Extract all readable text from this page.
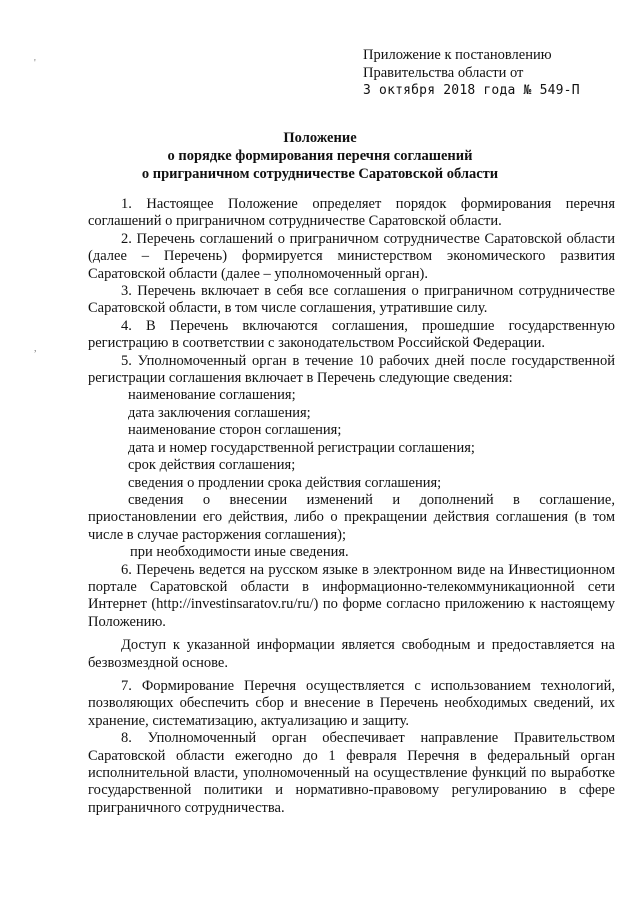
'
,
Приложение к постановлению
Правительства области от
3 октября 2018 года № 549-П
Положение
о порядке формирования перечня соглашений
о приграничном сотрудничестве Саратовской области

1. Настоящее Положение определяет порядок формирования перечня соглашений о приграничном сотрудничестве Саратовской области.

2. Перечень соглашений о приграничном сотрудничестве Саратовской области (далее – Перечень) формируется министерством экономического развития Саратовской области (далее – уполномоченный орган).

3. Перечень включает в себя все соглашения о приграничном сотрудничестве Саратовской области, в том числе соглашения, утратившие силу.

4. В Перечень включаются соглашения, прошедшие государственную регистрацию в соответствии с законодательством Российской Федерации.

5. Уполномоченный орган в течение 10 рабочих дней после государственной регистрации соглашения включает в Перечень следующие сведения:

наименование соглашения;

дата заключения соглашения;

наименование сторон соглашения;

дата и номер государственной регистрации соглашения;

срок действия соглашения;

сведения о продлении срока действия соглашения;

сведения о внесении изменений и дополнений в соглашение, приостановлении его действия, либо о прекращении действия соглашения (в том числе в случае расторжения соглашения);

при необходимости иные сведения.

6. Перечень ведется на русском языке в электронном виде на Инвестиционном портале Саратовской области в информационно-телекоммуникационной сети Интернет (http://investinsaratov.ru/ru/) по форме согласно приложению к настоящему Положению.

Доступ к указанной информации является свободным и предоставляется на безвозмездной основе.

7. Формирование Перечня осуществляется с использованием технологий, позволяющих обеспечить сбор и внесение в Перечень необходимых сведений, их хранение, систематизацию, актуализацию и защиту.

8. Уполномоченный орган обеспечивает направление Правительством Саратовской области ежегодно до 1 февраля Перечня в федеральный орган исполнительной власти, уполномоченный на осуществление функций по выработке государственной политики и нормативно-правовому регулированию в сфере приграничного сотрудничества.
